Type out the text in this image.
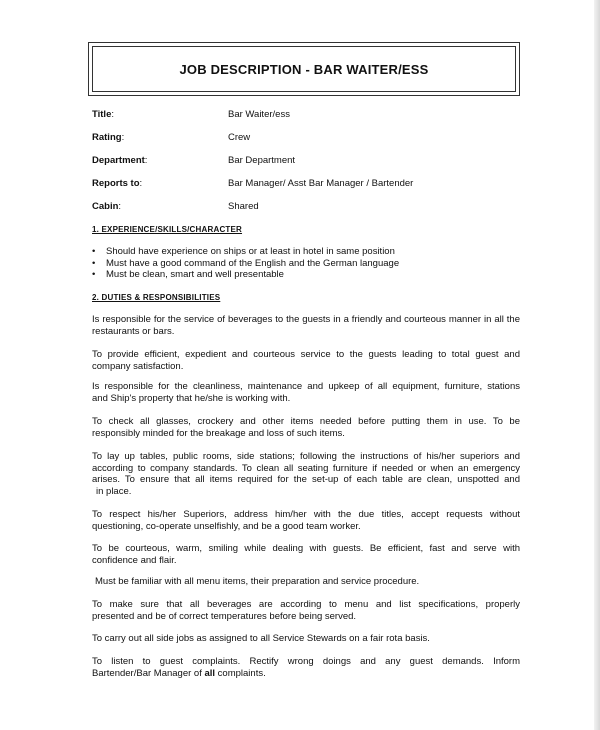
JOB DESCRIPTION - BAR WAITER/ESS
Title:	Bar Waiter/ess
Rating:	Crew
Department:	Bar Department
Reports to:	Bar Manager/ Asst Bar Manager / Bartender
Cabin:	Shared
1. EXPERIENCE/SKILLS/CHARACTER
• Should have experience on ships or at least in hotel in same position
• Must have a good command of the English and the German language
• Must be clean, smart and well presentable
2. DUTIES & RESPONSIBILITIES
Is responsible for the service of beverages to the guests in a friendly and courteous manner in all the
restaurants or bars.
To provide efficient, expedient and courteous service to the guests leading to total guest and
company satisfaction.
Is responsible for the cleanliness, maintenance and upkeep of all equipment, furniture, stations
and Ship's property that he/she is working with.
To check all glasses, crockery and other items needed before putting them in use. To be
responsibly minded for the breakage and loss of such items.
To lay up tables, public rooms, side stations; following the instructions of his/her superiors and
according to company standards. To clean all seating furniture if needed or when an emergency
arises. To ensure that all items required for the set-up of each table are clean, unspotted and
in place.
To respect his/her Superiors, address him/her with the due titles, accept requests without
questioning, co-operate unselfishly, and be a good team worker.
To be courteous, warm, smiling while dealing with guests. Be efficient, fast and serve with
confidence and flair.
Must be familiar with all menu items, their preparation and service procedure.
To make sure that all beverages are according to menu and list specifications, properly
presented and be of correct temperatures before being served.
To carry out all side jobs as assigned to all Service Stewards on a fair rota basis.
To listen to guest complaints. Rectify wrong doings and any guest demands. Inform
Bartender/Bar Manager of all complaints.
